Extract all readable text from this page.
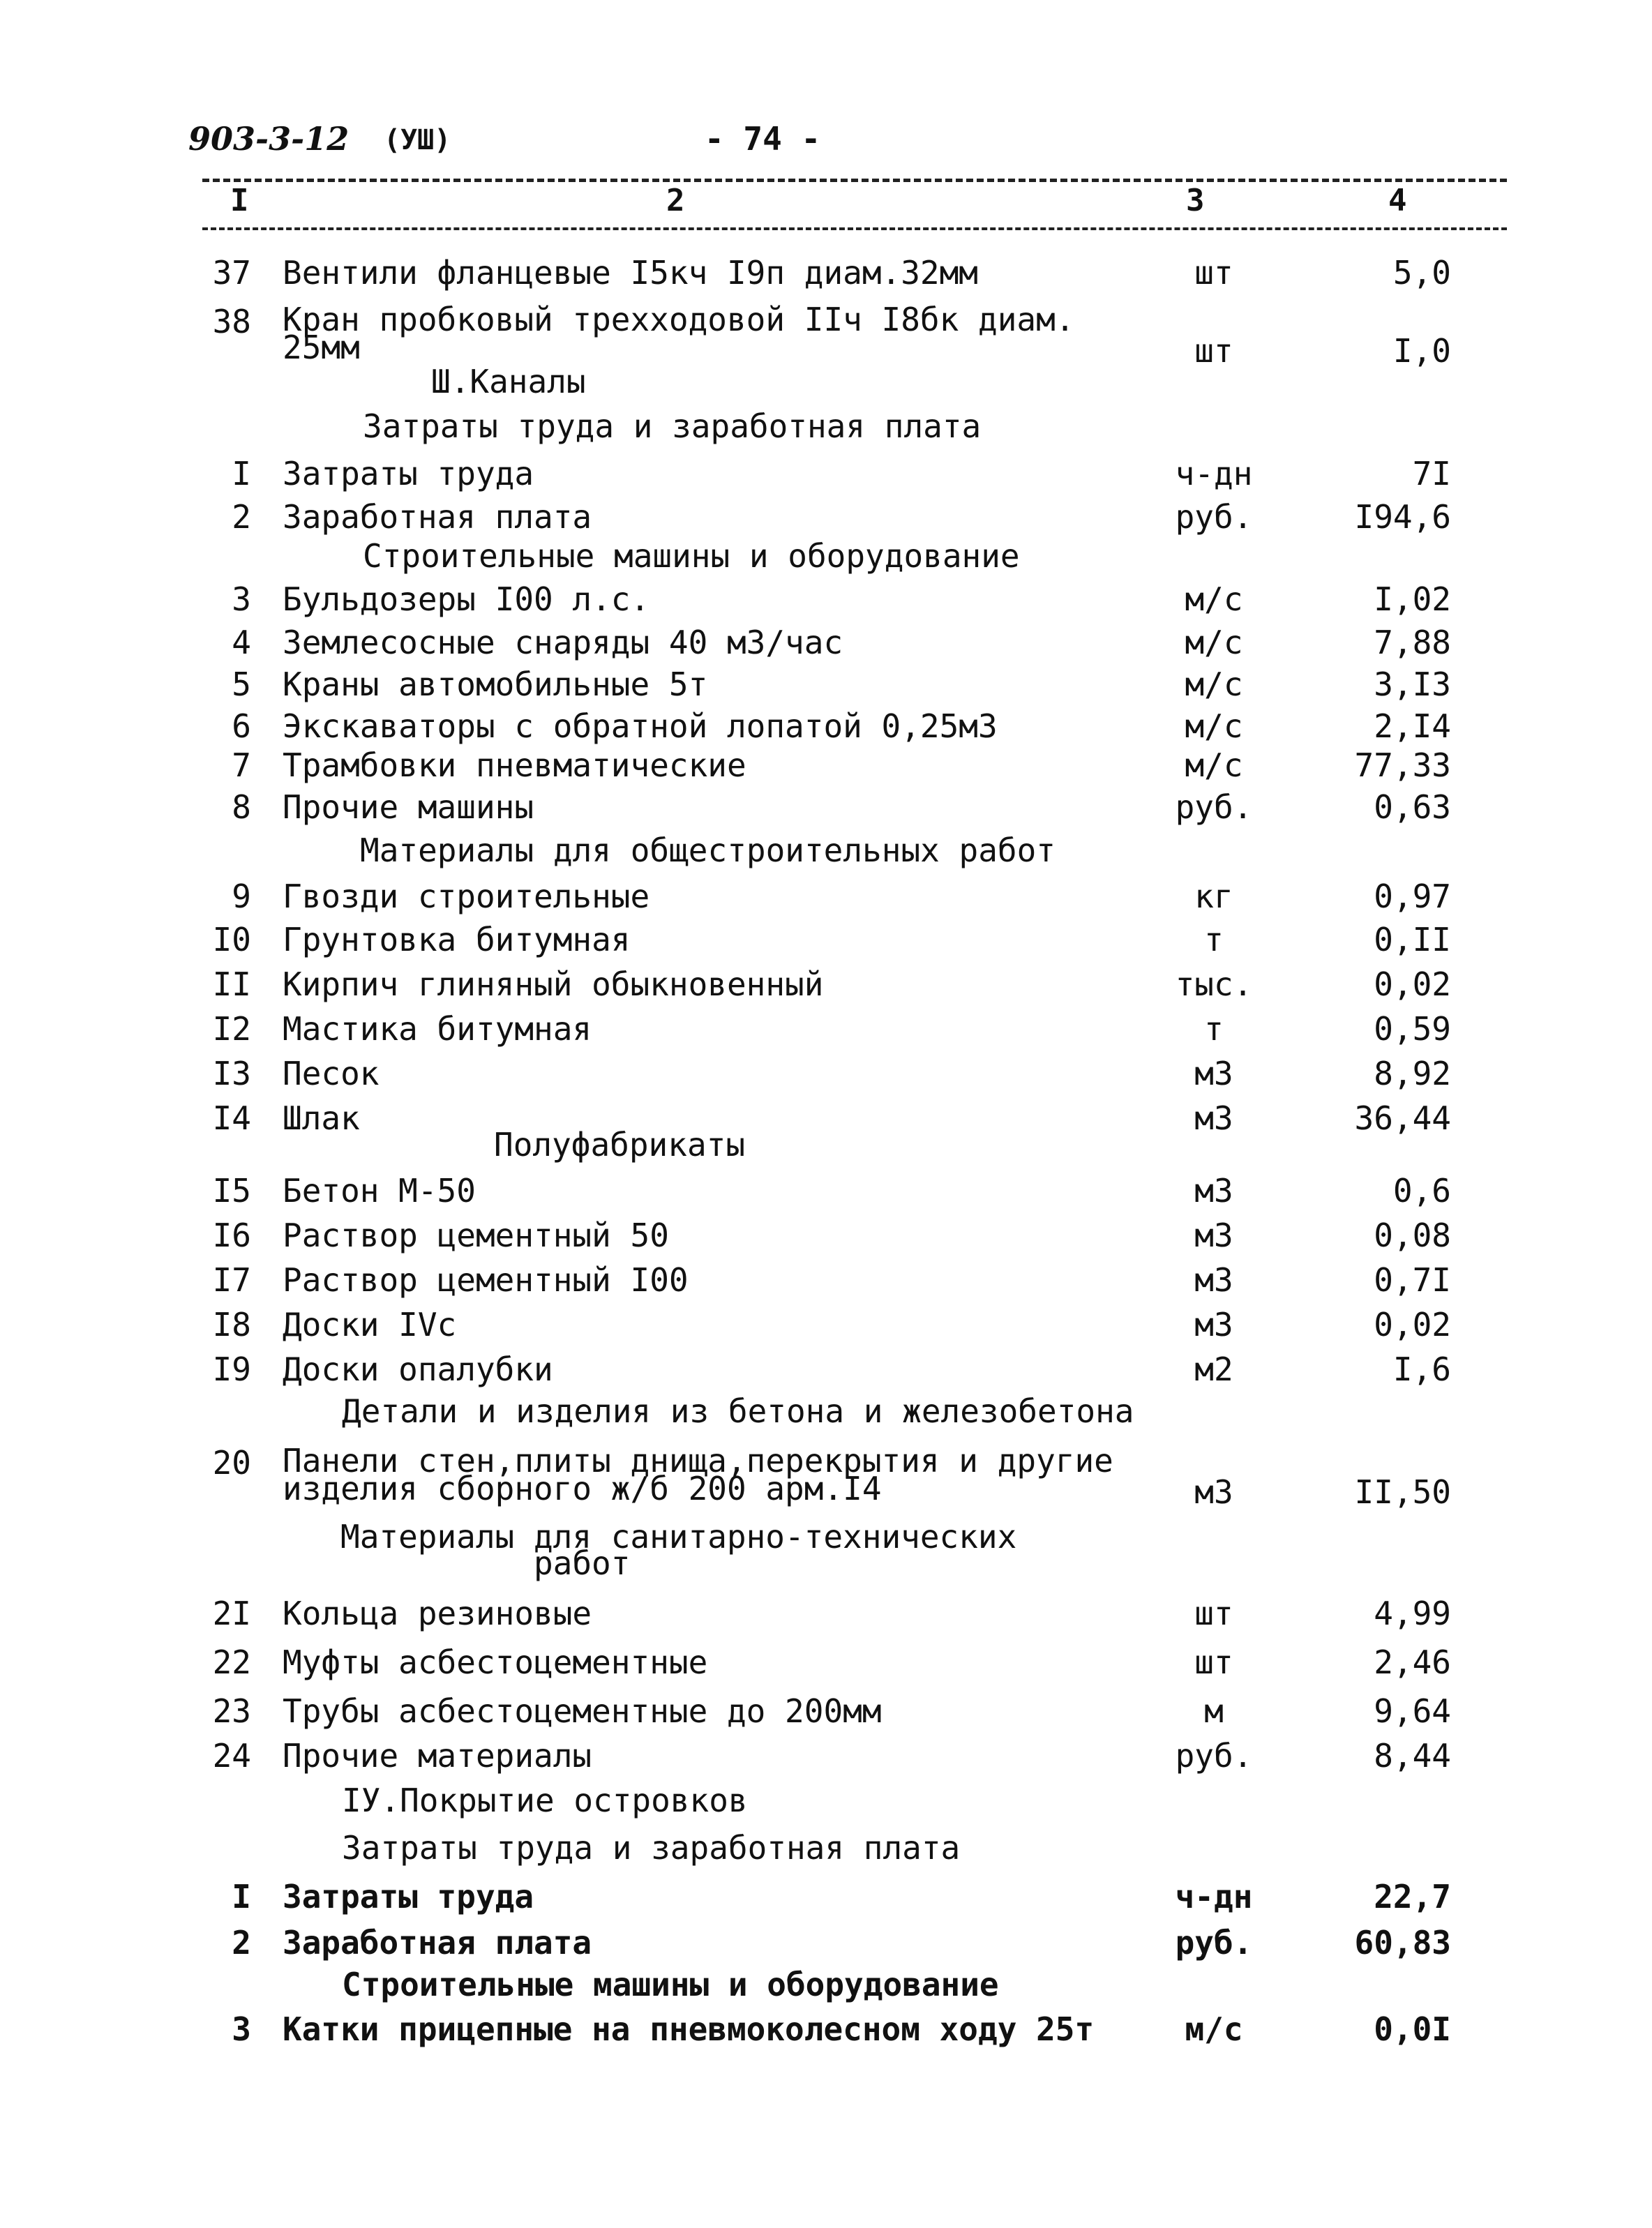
903-3-12 (УШ)	- 74 -
I	2	3	4
37 Вентили фланцевые I5кч I9п диам.32мм	шт	5,0
38 Кран пробковый трехходовой IIч I8бк диам.
25мм	шт	I,0
Ш.Каналы
Затраты труда и заработная плата
I Затраты труда	ч-дн	7I
2 Заработная плата	руб.	I94,6
Строительные машины и оборудование
3 Бульдозеры I00 л.с.	м/с	I,02
4 Землесосные снаряды 40 м3/час	м/с	7,88
5 Краны автомобильные 5т	м/с	3,I3
6 Экскаваторы с обратной лопатой 0,25м3	м/с	2,I4
7 Трамбовки пневматические	м/с	77,33
8 Прочие машины	руб.	0,63
Материалы для общестроительных работ
9 Гвозди строительные	кг	0,97
I0 Грунтовка битумная	т	0,II
II Кирпич глиняный обыкновенный	тыс.	0,02
I2 Мастика битумная	т	0,59
I3 Песок	м3	8,92
I4 Шлак	м3	36,44
Полуфабрикаты
I5 Бетон М-50	м3	0,6
I6 Раствор цементный 50	м3	0,08
I7 Раствор цементный I00	м3	0,7I
I8 Доски IVс	м3	0,02
I9 Доски опалубки	м2	I,6
Детали и изделия из бетона и железобетона
20 Панели стен,плиты днища,перекрытия и другие
изделия сборного ж/б 200 арм.I4	м3	II,50
Материалы для санитарно-технических
работ
2I Кольца резиновые	шт	4,99
22 Муфты асбестоцементные	шт	2,46
23 Трубы асбестоцементные до 200мм	м	9,64
24 Прочие материалы	руб.	8,44
IУ.Покрытие островков
Затраты труда и заработная плата
I Затраты труда	ч-дн	22,7
2 Заработная плата	руб.	60,83
Строительные машины и оборудование
3 Катки прицепные на пневмоколесном ходу 25т	м/с	0,0I
